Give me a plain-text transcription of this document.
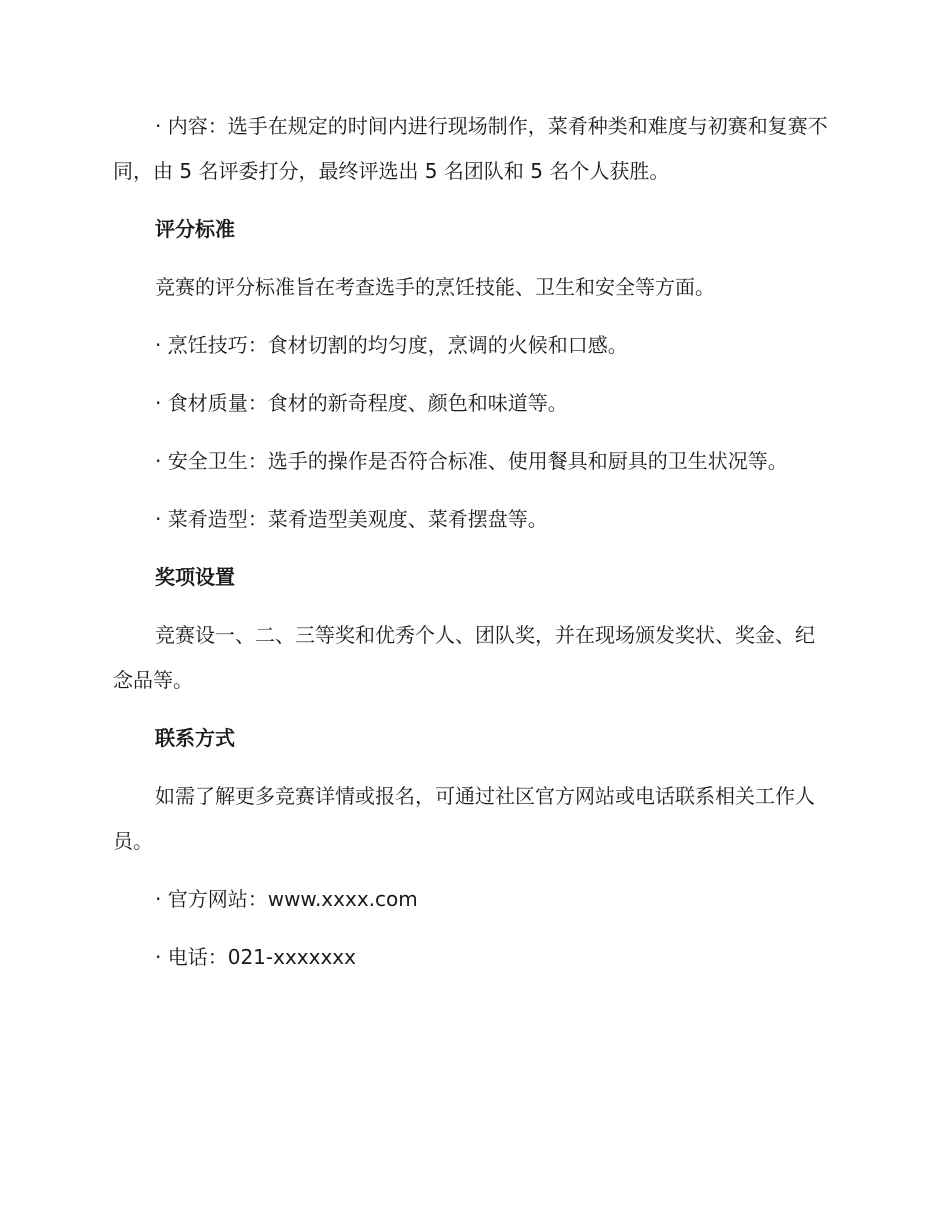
· 内容：选手在规定的时间内进行现场制作，菜肴种类和难度与初赛和复赛不同，由 5 名评委打分，最终评选出 5 名团队和 5 名个人获胜。

评分标准

竞赛的评分标准旨在考查选手的烹饪技能、卫生和安全等方面。

· 烹饪技巧：食材切割的均匀度，烹调的火候和口感。

· 食材质量：食材的新奇程度、颜色和味道等。

· 安全卫生：选手的操作是否符合标准、使用餐具和厨具的卫生状况等。

· 菜肴造型：菜肴造型美观度、菜肴摆盘等。

奖项设置

竞赛设一、二、三等奖和优秀个人、团队奖，并在现场颁发奖状、奖金、纪念品等。

联系方式

如需了解更多竞赛详情或报名，可通过社区官方网站或电话联系相关工作人员。

· 官方网站：www.xxxx.com

· 电话：021-xxxxxxx
